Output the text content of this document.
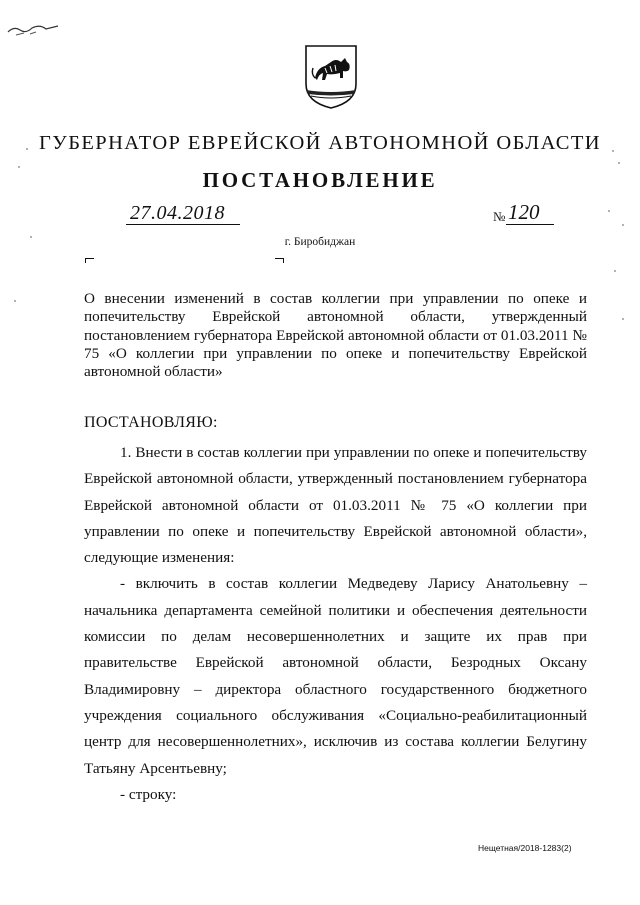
ГУБЕРНАТОР ЕВРЕЙСКОЙ АВТОНОМНОЙ ОБЛАСТИ
ПОСТАНОВЛЕНИЕ
27.04.2018	№ 120
г. Биробиджан
О внесении изменений в состав коллегии при управлении по опеке и попечительству Еврейской автономной области, утвержденный постановлением губернатора Еврейской автономной области от 01.03.2011 № 75 «О коллегии при управлении по опеке и попечительству Еврейской автономной области»
ПОСТАНОВЛЯЮ:

1. Внести в состав коллегии при управлении по опеке и попечительству Еврейской автономной области, утвержденный постановлением губернатора Еврейской автономной области от 01.03.2011 № 75 «О коллегии при управлении по опеке и попечительству Еврейской автономной области», следующие изменения:

- включить в состав коллегии Медведеву Ларису Анатольевну – начальника департамента семейной политики и обеспечения деятельности комиссии по делам несовершеннолетних и защите их прав при правительстве Еврейской автономной области, Безродных Оксану Владимировну – директора областного государственного бюджетного учреждения социального обслуживания «Социально-реабилитационный центр для несовершеннолетних», исключив из состава коллегии Белугину Татьяну Арсентьевну;

- строку:

Нещетная/2018-1283(2)
